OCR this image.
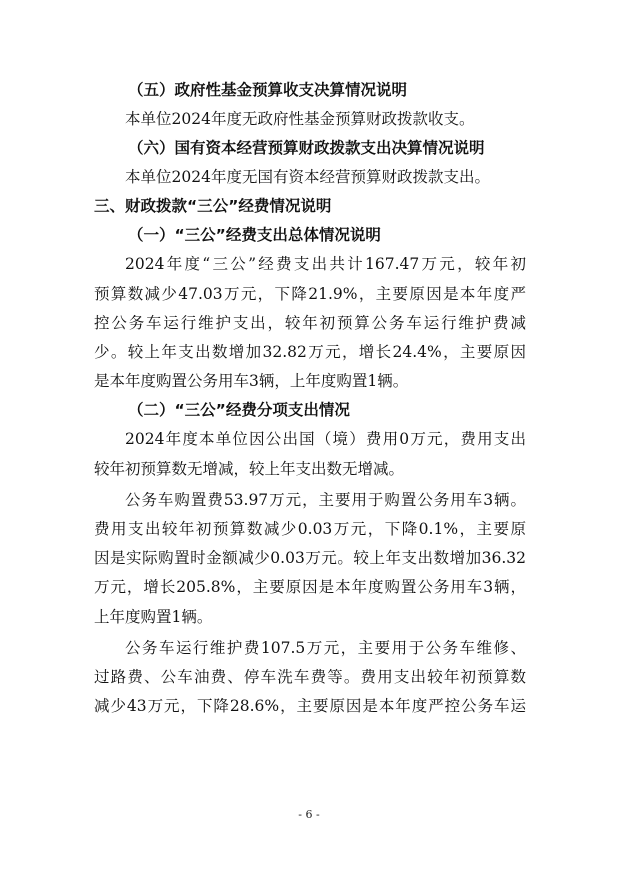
（五）政府性基金预算收支决算情况说明

本单位2024年度无政府性基金预算财政拨款收支。

（六）国有资本经营预算财政拨款支出决算情况说明

本单位2024年度无国有资本经营预算财政拨款支出。

三、财政拨款“三公”经费情况说明

（一）“三公”经费支出总体情况说明

2024年度“三公”经费支出共计167.47万元，较年初
预算数减少47.03万元，下降21.9%，主要原因是本年度严
控公务车运行维护支出，较年初预算公务车运行维护费减
少。较上年支出数增加32.82万元，增长24.4%，主要原因
是本年度购置公务用车3辆，上年度购置1辆。

（二）“三公”经费分项支出情况

2024年度本单位因公出国（境）费用0万元，费用支出
较年初预算数无增减，较上年支出数无增减。

公务车购置费53.97万元，主要用于购置公务用车3辆。
费用支出较年初预算数减少0.03万元，下降0.1%，主要原
因是实际购置时金额减少0.03万元。较上年支出数增加36.32
万元，增长205.8%，主要原因是本年度购置公务用车3辆，
上年度购置1辆。

公务车运行维护费107.5万元，主要用于公务车维修、
过路费、公车油费、停车洗车费等。费用支出较年初预算数
减少43万元，下降28.6%，主要原因是本年度严控公务车运

- 6 -
